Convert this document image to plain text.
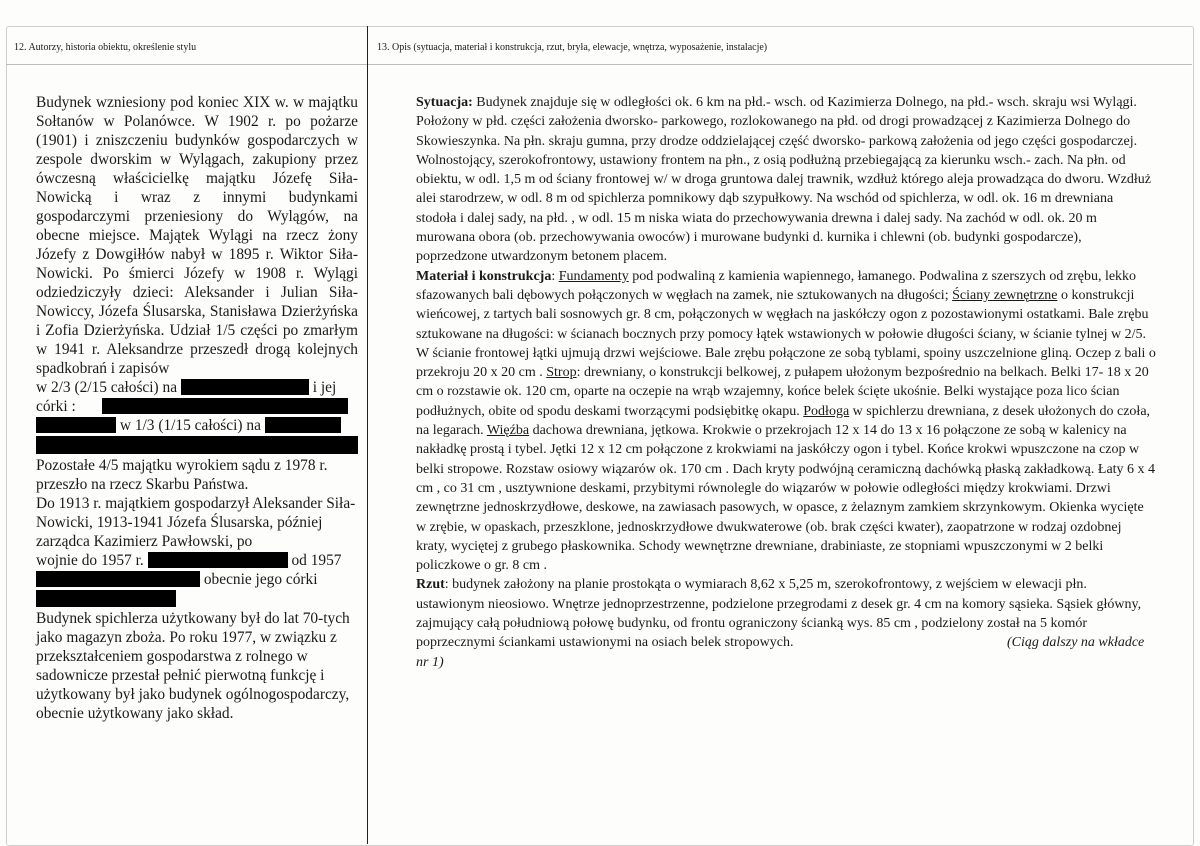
12. Autorzy, historia obiektu, określenie stylu	13. Opis (sytuacja, materiał i konstrukcja, rzut, bryła, elewacje, wnętrza, wyposażenie, instalacje)

Budynek wzniesiony pod koniec XIX w. w majątku Sołtanów w Polanówce. W 1902 r. po pożarze (1901) i zniszczeniu budynków gospodarczych w zespole dworskim w Wylągach, zakupiony przez ówczesną właścicielkę majątku Józefę Siła- Nowicką i wraz z innymi budynkami gospodarczymi przeniesiony do Wylągów, na obecne miejsce. Majątek Wylągi na rzecz żony Józefy z Dowgiłłów nabył w 1895 r. Wiktor Siła-Nowicki. Po śmierci Józefy w 1908 r. Wylągi odziedziczyły dzieci: Aleksander i Julian Siła-Nowiccy, Józefa Ślusarska, Stanisława Dzierżyńska i Zofia Dzierżyńska. Udział 1/5 części po zmarłym w 1941 r. Aleksandrze przeszedł drogą kolejnych spadkobrań i zapisów

w 2/3 (2/15 całości) na	i jej

córki :

w 1/3 (1/15 całości) na

Pozostałe 4/5 majątku wyrokiem sądu z 1978 r. przeszło na rzecz Skarbu Państwa.

Do 1913 r. majątkiem gospodarzył Aleksander Siła- Nowicki, 1913-1941 Józefa Ślusarska, później zarządca Kazimierz Pawłowski, po

wojnie do 1957 r.	od 1957

obecnie jego córki

Budynek spichlerza użytkowany był do lat 70-tych jako magazyn zboża. Po roku 1977, w związku z przekształceniem gospodarstwa z rolnego w sadownicze przestał pełnić pierwotną funkcję i użytkowany był jako budynek ogólnogospodarczy, obecnie użytkowany jako skład.

Sytuacja: Budynek znajduje się w odległości ok. 6 km na płd.- wsch. od Kazimierza Dolnego, na płd.- wsch. skraju wsi Wylągi. Położony w płd. części założenia dworsko- parkowego, rozlokowanego na płd. od drogi prowadzącej z Kazimierza Dolnego do Skowieszynka. Na płn. skraju gumna, przy drodze oddzielającej część dworsko- parkową założenia od jego części gospodarczej. Wolnostojący, szerokofrontowy, ustawiony frontem na płn., z osią podłużną przebiegającą za kierunku wsch.- zach. Na płn. od obiektu, w odl. 1,5 m od ściany frontowej w/ w droga gruntowa dalej trawnik, wzdłuż którego aleja prowadząca do dworu. Wzdłuż alei starodrzew, w odl. 8 m od spichlerza pomnikowy dąb szypułkowy. Na wschód od spichlerza, w odl. ok. 16 m drewniana stodoła i dalej sady, na płd. , w odl. 15 m niska wiata do przechowywania drewna i dalej sady. Na zachód w odl. ok. 20 m murowana obora (ob. przechowywania owoców) i murowane budynki d. kurnika i chlewni (ob. budynki gospodarcze), poprzedzone utwardzonym betonem placem.

Materiał i konstrukcja: Fundamenty pod podwaliną z kamienia wapiennego, łamanego. Podwalina z szerszych od zrębu, lekko sfazowanych bali dębowych połączonych w węgłach na zamek, nie sztukowanych na długości; Ściany zewnętrzne o konstrukcji wieńcowej, z tartych bali sosnowych gr. 8 cm, połączonych w węgłach na jaskółczy ogon z pozostawionymi ostatkami. Bale zrębu sztukowane na długości: w ścianach bocznych przy pomocy łątek wstawionych w połowie długości ściany, w ścianie tylnej w 2/5. W ścianie frontowej łątki ujmują drzwi wejściowe. Bale zrębu połączone ze sobą tyblami, spoiny uszczelnione gliną. Oczep z bali o przekroju 20 x 20 cm . Strop: drewniany, o konstrukcji belkowej, z pułapem ułożonym bezpośrednio na belkach. Belki 17- 18 x 20 cm o rozstawie ok. 120 cm, oparte na oczepie na wrąb wzajemny, końce belek ścięte ukośnie. Belki wystające poza lico ścian podłużnych, obite od spodu deskami tworzącymi podsiębitkę okapu. Podłoga w spichlerzu drewniana, z desek ułożonych do czoła, na legarach. Więźba dachowa drewniana, jętkowa. Krokwie o przekrojach 12 x 14 do 13 x 16 połączone ze sobą w kalenicy na nakładkę prostą i tybel. Jętki 12 x 12 cm połączone z krokwiami na jaskółczy ogon i tybel. Końce krokwi wpuszczone na czop w belki stropowe. Rozstaw osiowy wiązarów ok. 170 cm . Dach kryty podwójną ceramiczną dachówką płaską zakładkową. Łaty 6 x 4 cm , co 31 cm , usztywnione deskami, przybitymi równolegle do wiązarów w połowie odległości między krokwiami. Drzwi zewnętrzne jednoskrzydłowe, deskowe, na zawiasach pasowych, w opasce, z żelaznym zamkiem skrzynkowym. Okienka wycięte w zrębie, w opaskach, przeszklone, jednoskrzydłowe dwukwaterowe (ob. brak części kwater), zaopatrzone w rodzaj ozdobnej kraty, wyciętej z grubego płaskownika. Schody wewnętrzne drewniane, drabiniaste, ze stopniami wpuszczonymi w 2 belki policzkowe o gr. 8 cm .

Rzut: budynek założony na planie prostokąta o wymiarach 8,62 x 5,25 m, szerokofrontowy, z wejściem w elewacji płn. ustawionym nieosiowo. Wnętrze jednoprzestrzenne, podzielone przegrodami z desek gr. 4 cm na komory sąsieka. Sąsiek główny, zajmujący całą południową połowę budynku, od frontu ograniczony ścianką wys. 85 cm , podzielony został na 5 komór poprzecznymi ściankami ustawionymi na osiach belek stropowych.	(Ciąg dalszy na wkładce nr 1)
